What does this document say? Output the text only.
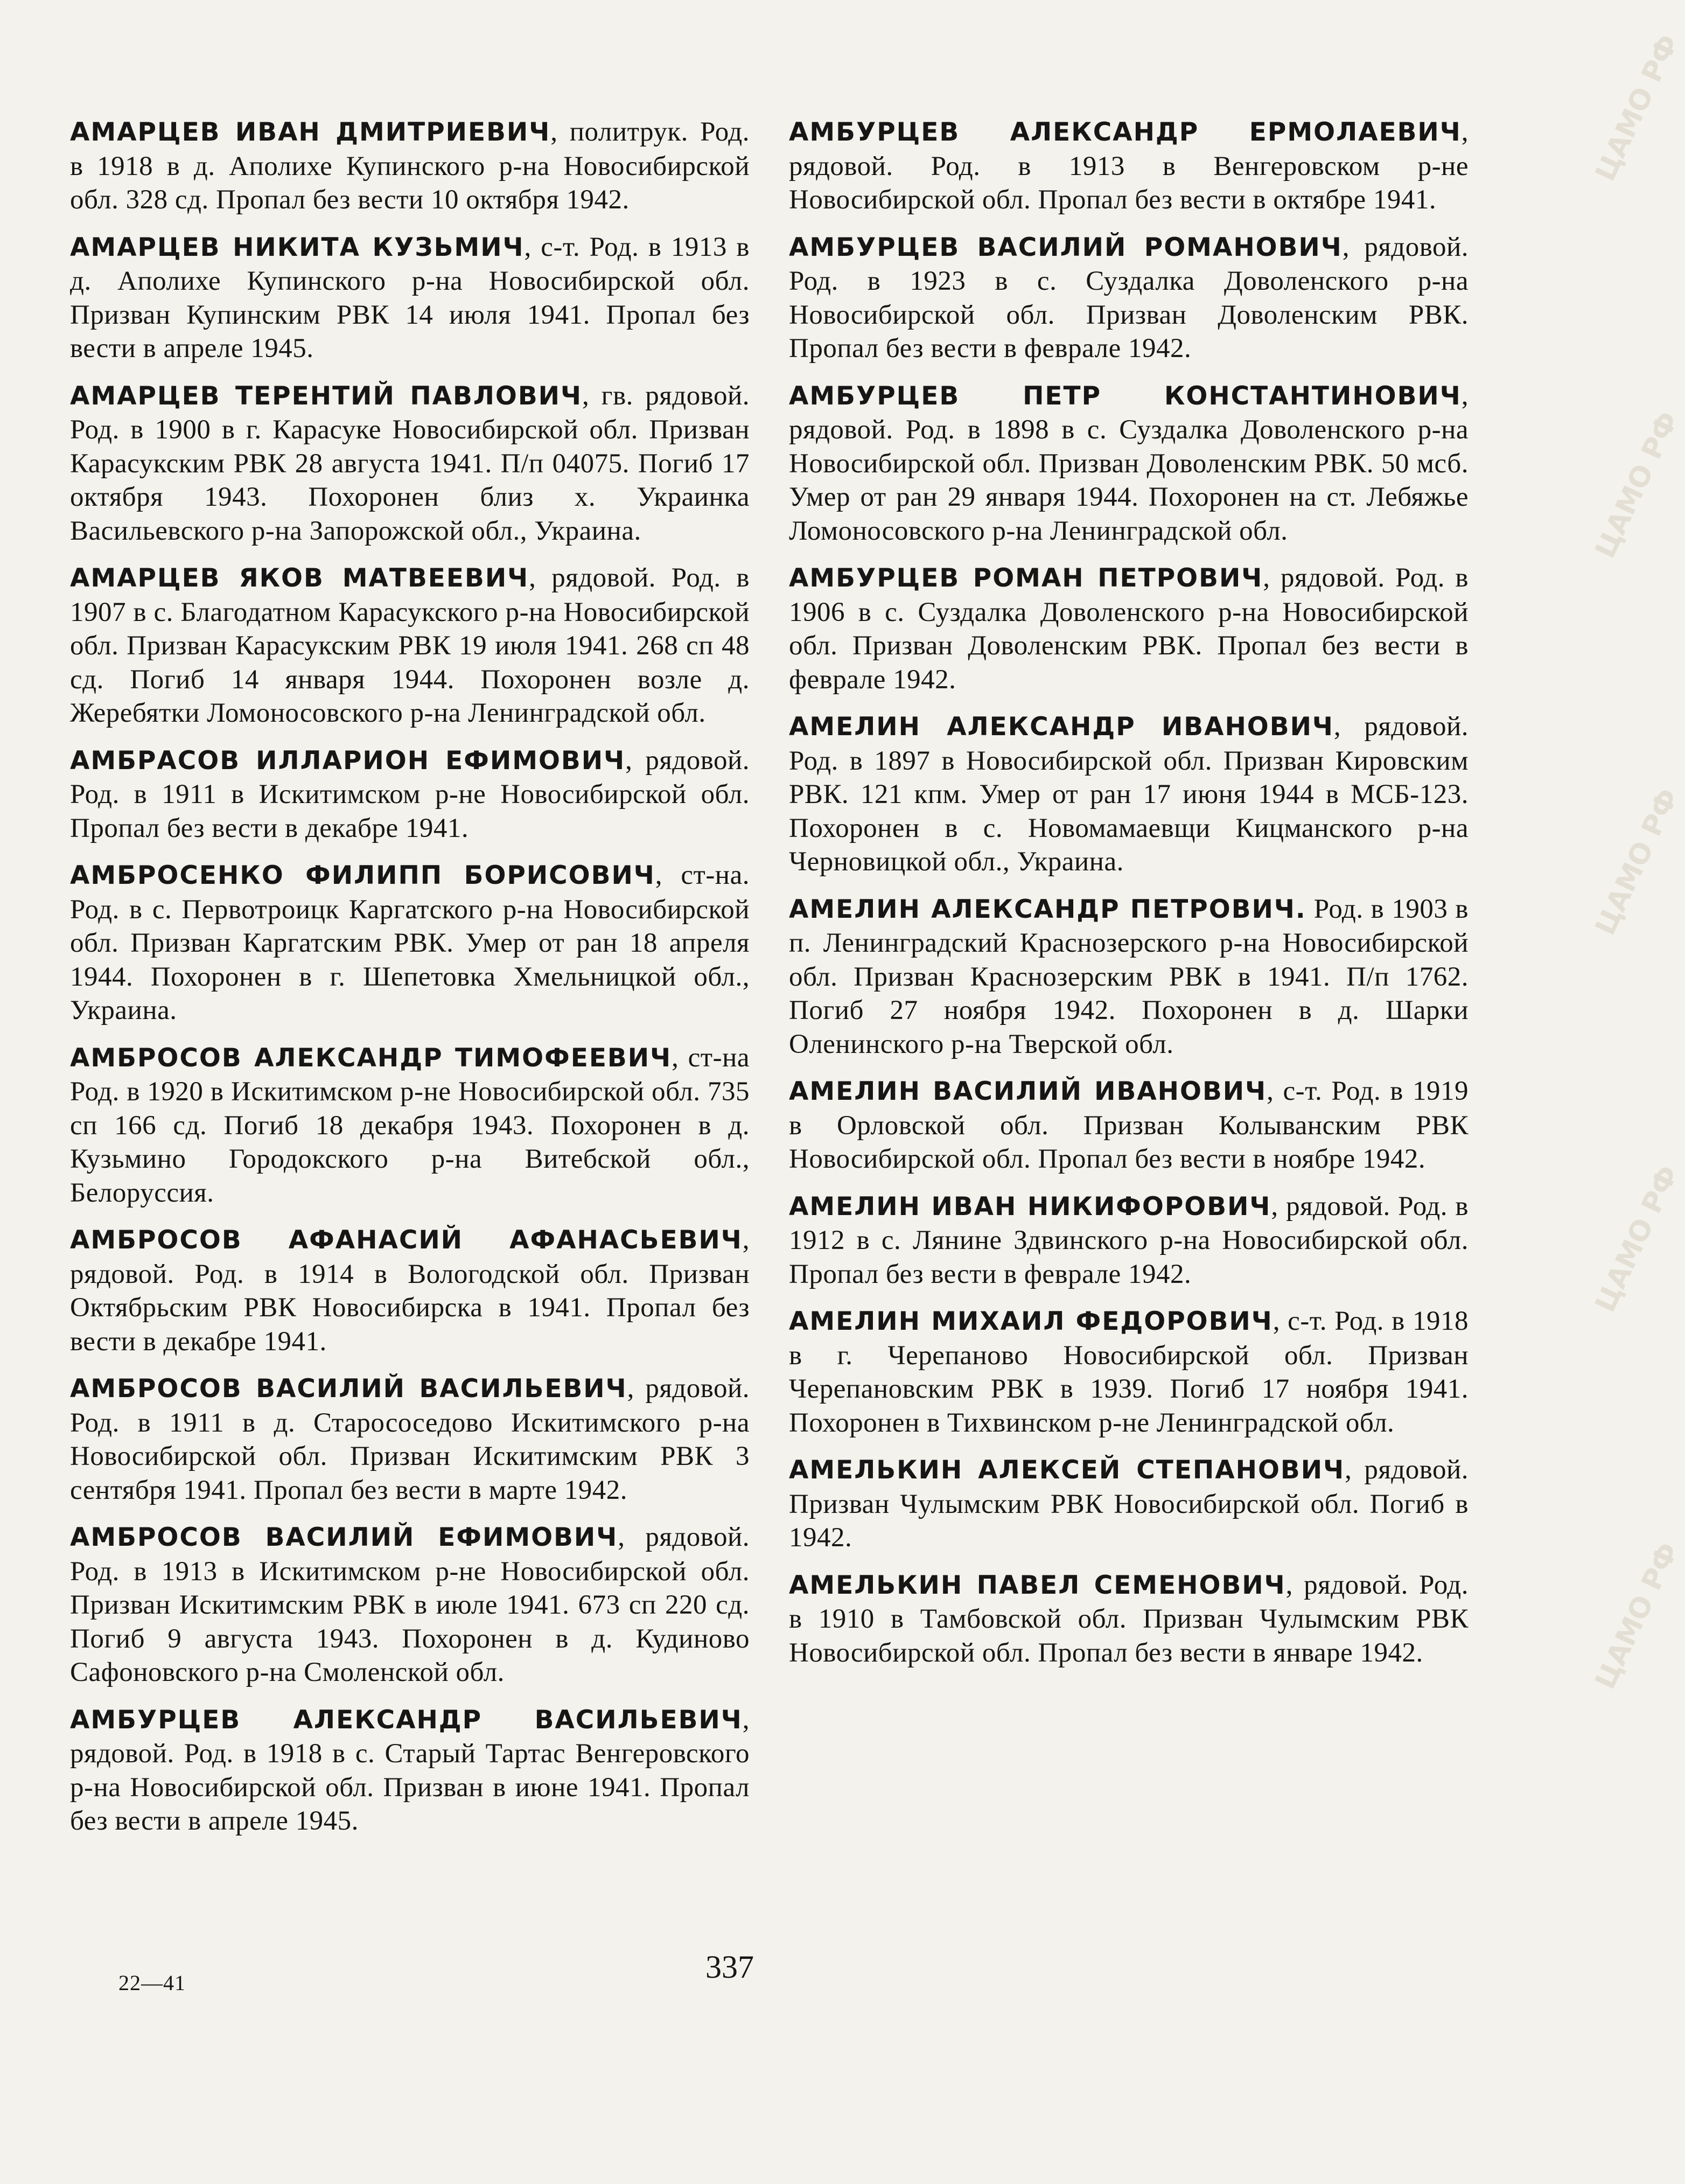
ЦАМО РФ
ЦАМО РФ
ЦАМО РФ
ЦАМО РФ
ЦАМО РФ
АМАРЦЕВ ИВАН ДМИТРИЕВИЧ, политрук. Род. в 1918 в д. Аполихе Купинского р-на Новосибирской обл. 328 сд. Пропал без вести 10 октября 1942.
АМАРЦЕВ НИКИТА КУЗЬМИЧ, с-т. Род. в 1913 в д. Аполихе Купинского р-на Новосибирской обл. Призван Купинским РВК 14 июля 1941. Пропал без вести в апреле 1945.
АМАРЦЕВ ТЕРЕНТИЙ ПАВЛОВИЧ, гв. рядовой. Род. в 1900 в г. Карасуке Новосибирской обл. Призван Карасукским РВК 28 августа 1941. П/п 04075. Погиб 17 октября 1943. Похоронен близ х. Украинка Васильевского р-на Запорожской обл., Украина.
АМАРЦЕВ ЯКОВ МАТВЕЕВИЧ, рядовой. Род. в 1907 в с. Благодатном Карасукского р-на Новосибирской обл. Призван Карасукским РВК 19 июля 1941. 268 сп 48 сд. Погиб 14 января 1944. Похоронен возле д. Жеребятки Ломоносовского р-на Ленинградской обл.
АМБРАСОВ ИЛЛАРИОН ЕФИМОВИЧ, рядовой. Род. в 1911 в Искитимском р-не Новосибирской обл. Пропал без вести в декабре 1941.
АМБРОСЕНКО ФИЛИПП БОРИСОВИЧ, ст-на. Род. в с. Первотроицк Каргатского р-на Новосибирской обл. Призван Каргатским РВК. Умер от ран 18 апреля 1944. Похоронен в г. Шепетовка Хмельницкой обл., Украина.
АМБРОСОВ АЛЕКСАНДР ТИМОФЕЕВИЧ, ст-на Род. в 1920 в Искитимском р-не Новосибирской обл. 735 сп 166 сд. Погиб 18 декабря 1943. Похоронен в д. Кузьмино Городокского р-на Витебской обл., Белоруссия.
АМБРОСОВ АФАНАСИЙ АФАНАСЬЕВИЧ, рядовой. Род. в 1914 в Вологодской обл. Призван Октябрьским РВК Новосибирска в 1941. Пропал без вести в декабре 1941.
АМБРОСОВ ВАСИЛИЙ ВАСИЛЬЕВИЧ, рядовой. Род. в 1911 в д. Старососедово Искитимского р-на Новосибирской обл. Призван Искитимским РВК 3 сентября 1941. Пропал без вести в марте 1942.
АМБРОСОВ ВАСИЛИЙ ЕФИМОВИЧ, рядовой. Род. в 1913 в Искитимском р-не Новосибирской обл. Призван Искитимским РВК в июле 1941. 673 сп 220 сд. Погиб 9 августа 1943. Похоронен в д. Кудиново Сафоновского р-на Смоленской обл.
АМБУРЦЕВ АЛЕКСАНДР ВАСИЛЬЕВИЧ, рядовой. Род. в 1918 в с. Старый Тартас Венгеровского р-на Новосибирской обл. Призван в июне 1941. Пропал без вести в апреле 1945.
АМБУРЦЕВ АЛЕКСАНДР ЕРМОЛАЕВИЧ, рядовой. Род. в 1913 в Венгеровском р-не Новосибирской обл. Пропал без вести в октябре 1941.
АМБУРЦЕВ ВАСИЛИЙ РОМАНОВИЧ, рядовой. Род. в 1923 в с. Суздалка Доволенского р-на Новосибирской обл. Призван Доволенским РВК. Пропал без вести в феврале 1942.
АМБУРЦЕВ ПЕТР КОНСТАНТИНОВИЧ, рядовой. Род. в 1898 в с. Суздалка Доволенского р-на Новосибирской обл. Призван Доволенским РВК. 50 мсб. Умер от ран 29 января 1944. Похоронен на ст. Лебяжье Ломоносовского р-на Ленинградской обл.
АМБУРЦЕВ РОМАН ПЕТРОВИЧ, рядовой. Род. в 1906 в с. Суздалка Доволенского р-на Новосибирской обл. Призван Доволенским РВК. Пропал без вести в феврале 1942.
АМЕЛИН АЛЕКСАНДР ИВАНОВИЧ, рядовой. Род. в 1897 в Новосибирской обл. Призван Кировским РВК. 121 кпм. Умер от ран 17 июня 1944 в МСБ-123. Похоронен в с. Новомамаевщи Кицманского р-на Черновицкой обл., Украина.
АМЕЛИН АЛЕКСАНДР ПЕТРОВИЧ. Род. в 1903 в п. Ленинградский Краснозерского р-на Новосибирской обл. Призван Краснозерским РВК в 1941. П/п 1762. Погиб 27 ноября 1942. Похоронен в д. Шарки Оленинского р-на Тверской обл.
АМЕЛИН ВАСИЛИЙ ИВАНОВИЧ, с-т. Род. в 1919 в Орловской обл. Призван Колыванским РВК Новосибирской обл. Пропал без вести в ноябре 1942.
АМЕЛИН ИВАН НИКИФОРОВИЧ, рядовой. Род. в 1912 в с. Лянине Здвинского р-на Новосибирской обл. Пропал без вести в феврале 1942.
АМЕЛИН МИХАИЛ ФЕДОРОВИЧ, с-т. Род. в 1918 в г. Черепаново Новосибирской обл. Призван Черепановским РВК в 1939. Погиб 17 ноября 1941. Похоронен в Тихвинском р-не Ленинградской обл.
АМЕЛЬКИН АЛЕКСЕЙ СТЕПАНОВИЧ, рядовой. Призван Чулымским РВК Новосибирской обл. Погиб в 1942.
АМЕЛЬКИН ПАВЕЛ СЕМЕНОВИЧ, рядовой. Род. в 1910 в Тамбовской обл. Призван Чулымским РВК Новосибирской обл. Пропал без вести в январе 1942.
22—41	337
